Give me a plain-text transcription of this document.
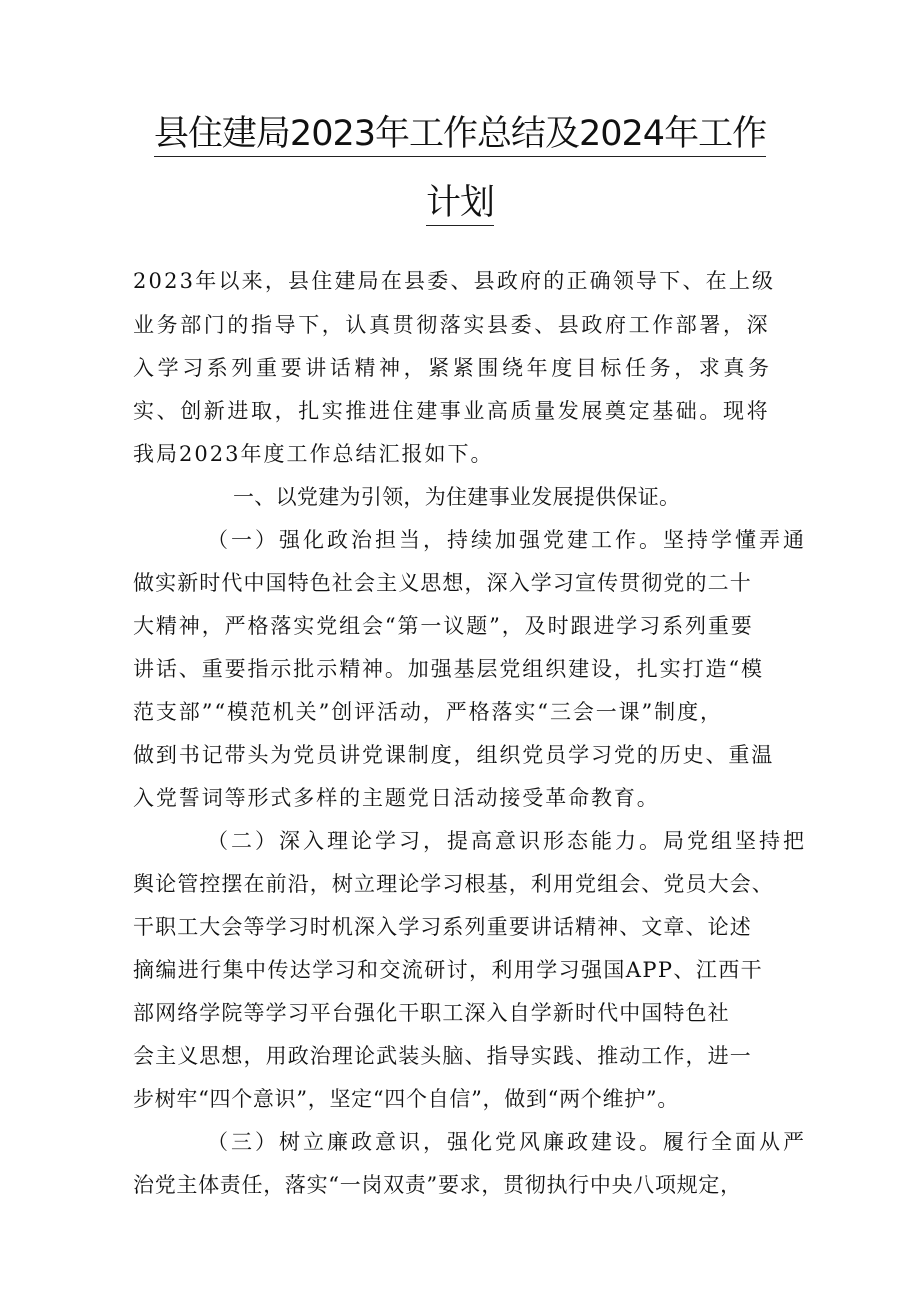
县住建局2023年工作总结及2024年工作
计划
2023年以来，县住建局在县委、县政府的正确领导下、在上级
业务部门的指导下，认真贯彻落实县委、县政府工作部署，深
入学习系列重要讲话精神，紧紧围绕年度目标任务，求真务
实、创新进取，扎实推进住建事业高质量发展奠定基础。现将
我局2023年度工作总结汇报如下。
一、以党建为引领，为住建事业发展提供保证。
（一）强化政治担当，持续加强党建工作。坚持学懂弄通
做实新时代中国特色社会主义思想，深入学习宣传贯彻党的二十
大精神，严格落实党组会“第一议题”，及时跟进学习系列重要
讲话、重要指示批示精神。加强基层党组织建设，扎实打造“模
范支部”“模范机关”创评活动，严格落实“三会一课”制度，
做到书记带头为党员讲党课制度，组织党员学习党的历史、重温
入党誓词等形式多样的主题党日活动接受革命教育。
（二）深入理论学习，提高意识形态能力。局党组坚持把
舆论管控摆在前沿，树立理论学习根基，利用党组会、党员大会、
干职工大会等学习时机深入学习系列重要讲话精神、文章、论述
摘编进行集中传达学习和交流研讨，利用学习强国APP、江西干
部网络学院等学习平台强化干职工深入自学新时代中国特色社
会主义思想，用政治理论武装头脑、指导实践、推动工作，进一
步树牢“四个意识”，坚定“四个自信”，做到“两个维护”。
（三）树立廉政意识，强化党风廉政建设。履行全面从严
治党主体责任，落实“一岗双责”要求，贯彻执行中央八项规定，
